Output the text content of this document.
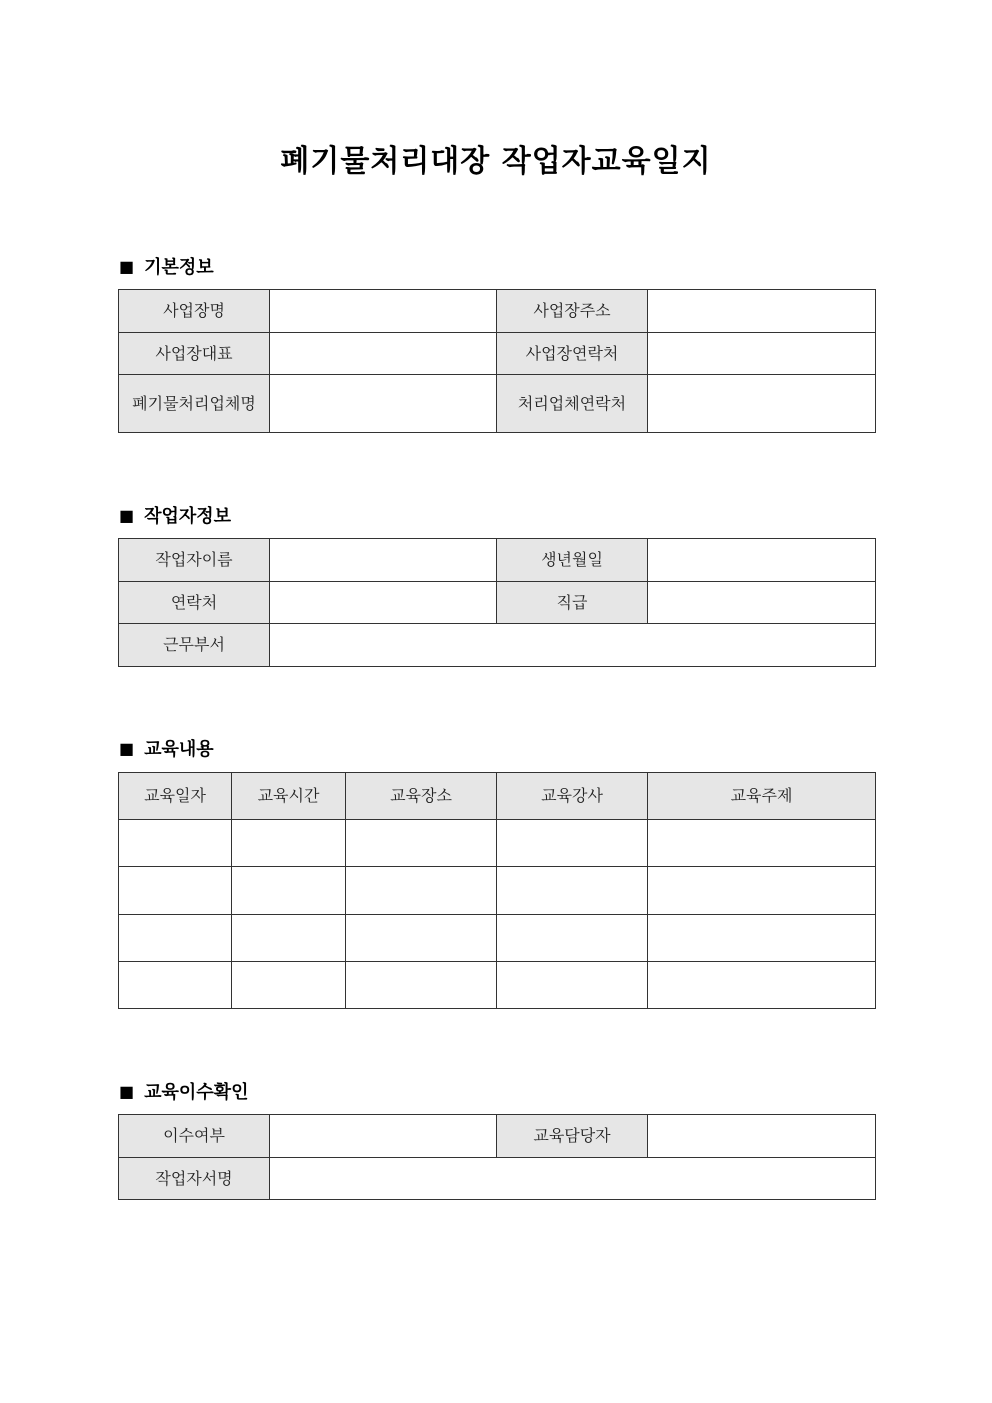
폐기물처리대장 작업자교육일지
■ 기본정보
사업장명		사업장주소	
사업장대표		사업장연락처	
폐기물처리업체명		처리업체연락처	
■ 작업자정보
작업자이름		생년월일	
연락처		직급	
근무부서			
■ 교육내용
교육일자	교육시간	교육장소	교육강사	교육주제

■ 교육이수확인
이수여부		교육담당자	
작업자서명			
